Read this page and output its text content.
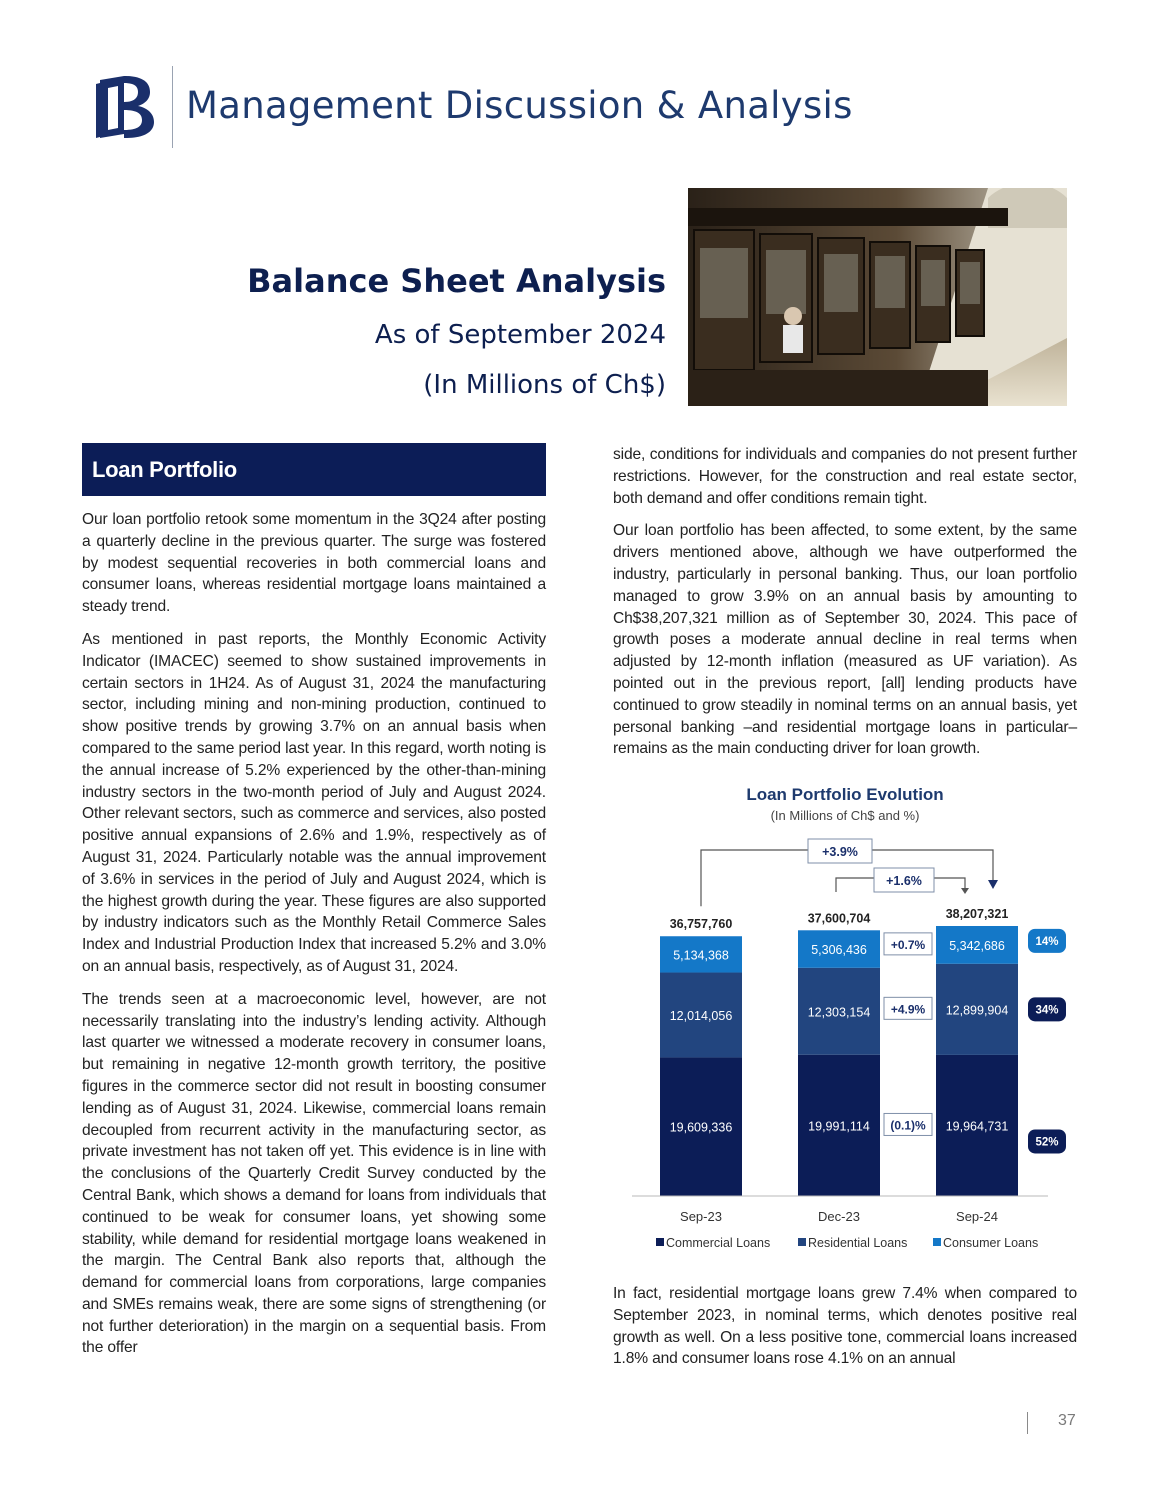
Management Discussion & Analysis
Balance Sheet Analysis
As of September 2024
(In Millions of Ch$)
Loan Portfolio

Our loan portfolio retook some momentum in the 3Q24 after posting a quarterly decline in the previous quarter. The surge was fostered by modest sequential recoveries in both commercial loans and consumer loans, whereas residential mortgage loans maintained a steady trend.

As mentioned in past reports, the Monthly Economic Activity Indicator (IMACEC) seemed to show sustained improvements in certain sectors in 1H24. As of August 31, 2024 the manufacturing sector, including mining and non-mining production, continued to show positive trends by growing 3.7% on an annual basis when compared to the same period last year. In this regard, worth noting is the annual increase of 5.2% experienced by the other-than-mining industry sectors in the two-month period of July and August 2024. Other relevant sectors, such as commerce and services, also posted positive annual expansions of 2.6% and 1.9%, respectively as of August 31, 2024. Particularly notable was the annual improvement of 3.6% in services in the period of July and August 2024, which is the highest growth during the year. These figures are also supported by industry indicators such as the Monthly Retail Commerce Sales Index and Industrial Production Index that increased 5.2% and 3.0% on an annual basis, respectively, as of August 31, 2024.

The trends seen at a macroeconomic level, however, are not necessarily translating into the industry’s lending activity. Although last quarter we witnessed a moderate recovery in consumer loans, but remaining in negative 12-month growth territory, the positive figures in the commerce sector did not result in boosting consumer lending as of August 31, 2024. Likewise, commercial loans remain decoupled from recurrent activity in the manufacturing sector, as private investment has not taken off yet. This evidence is in line with the conclusions of the Quarterly Credit Survey conducted by the Central Bank, which shows a demand for loans from individuals that continued to be weak for consumer loans, yet showing some stability, while demand for residential mortgage loans weakened in the margin. The Central Bank also reports that, although the demand for commercial loans from corporations, large companies and SMEs remains weak, there are some signs of strengthening (or not further deterioration) in the margin on a sequential basis. From the offer

side, conditions for individuals and companies do not present further restrictions. However, for the construction and real estate sector, both demand and offer conditions remain tight.

Our loan portfolio has been affected, to some extent, by the same drivers mentioned above, although we have outperformed the industry, particularly in personal banking. Thus, our loan portfolio managed to grow 3.9% on an annual basis by amounting to Ch$38,207,321 million as of September 30, 2024. This pace of growth poses a moderate annual decline in real terms when adjusted by 12-month inflation (measured as UF variation). As pointed out in the previous report, [all] lending products have continued to grow steadily in nominal terms on an annual basis, yet personal banking –and residential mortgage loans in particular– remains as the main conducting driver for loan growth.

Loan Portfolio Evolution
(In Millions of Ch$ and %)
19,609,336	19,991,114	19,964,731
12,014,056	12,303,154	12,899,904
5,134,368	5,306,436	5,342,686
36,757,760	37,600,704	38,207,321
Sep-23	Dec-23	Sep-24
(0.1)%
+4.9%
+0.7%
52%
34%
14%
+3.9%
+1.6%
Commercial Loans	Residential Loans	Consumer Loans

In fact, residential mortgage loans grew 7.4% when compared to September 2023, in nominal terms, which denotes positive real growth as well. On a less positive tone, commercial loans increased 1.8% and consumer loans rose 4.1% on an annual

37
